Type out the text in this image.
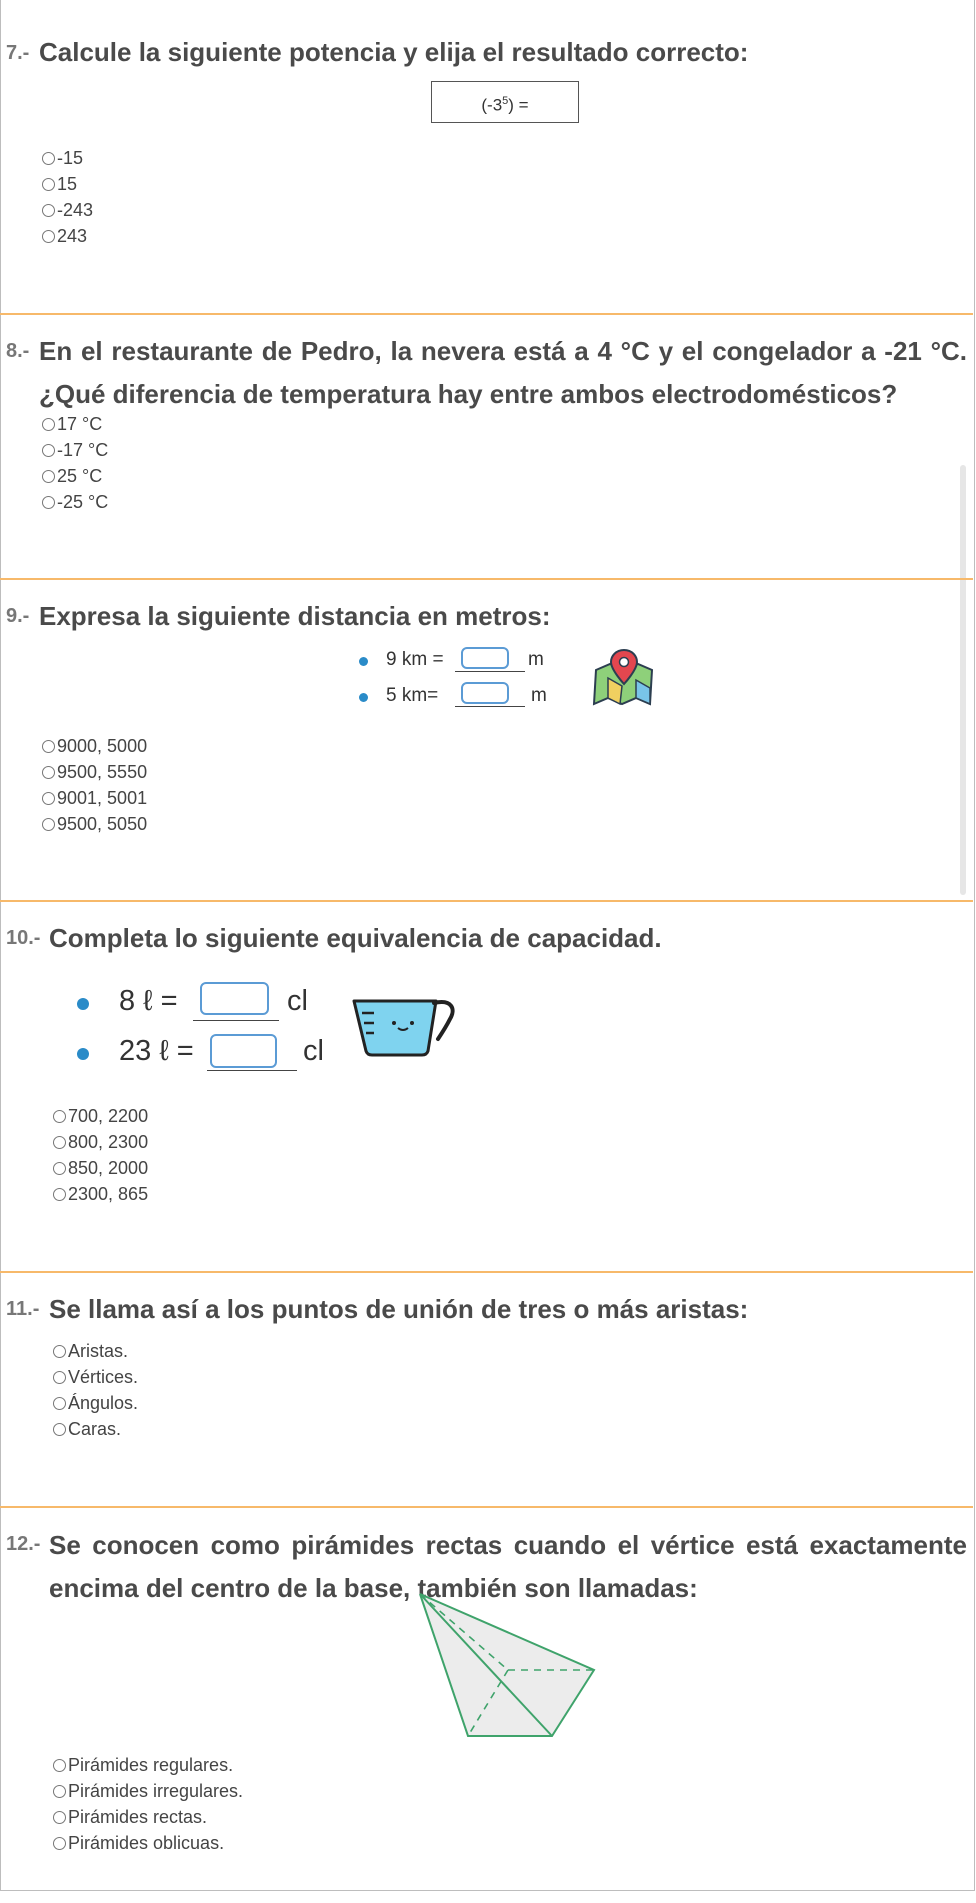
7.- Calcule la siguiente potencia y elija el resultado correcto:
$(-3^5)$ =
-15
15
-243
243
8.- En el restaurante de Pedro, la nevera está a 4 °C y el congelador a -21 °C. ¿Qué diferencia de temperatura hay entre ambos electrodomésticos?
17 °C
-17 °C
25 °C
-25 °C
9.- Expresa la siguiente distancia en metros:
9 km =	m
5 km=	m
9000, 5000
9500, 5550
9001, 5001
9500, 5050
10.- Completa lo siguiente equivalencia de capacidad.
8 ℓ =	cl
23 ℓ =	cl
700, 2200
800, 2300
850, 2000
2300, 865
11.- Se llama así a los puntos de unión de tres o más aristas:
Aristas.
Vértices.
Ángulos.
Caras.
12.- Se conocen como pirámides rectas cuando el vértice está exactamente encima del centro de la base, también son llamadas:
Pirámides regulares.
Pirámides irregulares.
Pirámides rectas.
Pirámides oblicuas.
